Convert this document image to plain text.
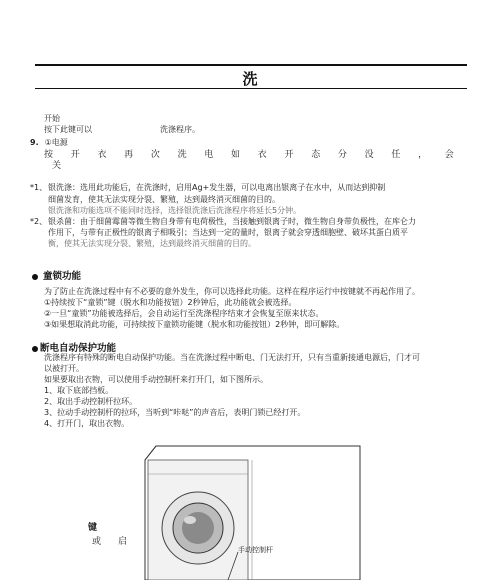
洗
开始
按下此键可以	洗涤程序。
9. ①电源
按 开 衣 再 次 洗 电 如 衣 开 态 分 没 任 ， 会
关
*1、 银洗涤：选用此功能后，在洗涤时，启用Ag+发生器，可以电离出银离子在水中，从而达到抑制
细菌发育，使其无法实现分裂、繁殖，达到最终消灭细菌的目的。
银洗涤和功能选项不能同时选择，选择银洗涤后洗涤程序将延长5分钟。
*2、 银杀菌：由于细菌霉菌等微生物自身带有电荷极性，当接触到银离子时，微生物自身带负极性，在库仑力
作用下，与带有正极性的银离子相吸引；当达到一定的量时，银离子就会穿透细胞壁、破坏其蛋白质平
衡，使其无法实现分裂、繁殖，达到最终消灭细菌的目的。
童锁功能
为了防止在洗涤过程中有不必要的意外发生，你可以选择此功能。这样在程序运行中按键就不再起作用了。
①持续按下“童锁”键（脱水和功能按钮）2秒钟后，此功能就会被选择。
②一旦“童锁”功能被选择后，会自动运行至洗涤程序结束才会恢复至原来状态。
③如果想取消此功能，可持续按下童锁功能键（脱水和功能按钮）2秒钟，即可解除。
断电自动保护功能
洗涤程序有特殊的断电自动保护功能。当在洗涤过程中断电、门无法打开，只有当重新接通电源后，门才可
以被打开。
如果要取出衣物，可以使用手动控制杆来打开门，如下图所示。
1、取下底部挡板。
2、取出手动控制杆拉环。
3、拉动手动控制杆的拉环，当听到“咔哒”的声音后，表明门锁已经打开。
4、打开门，取出衣物。
键
或 启
手动控制杆
